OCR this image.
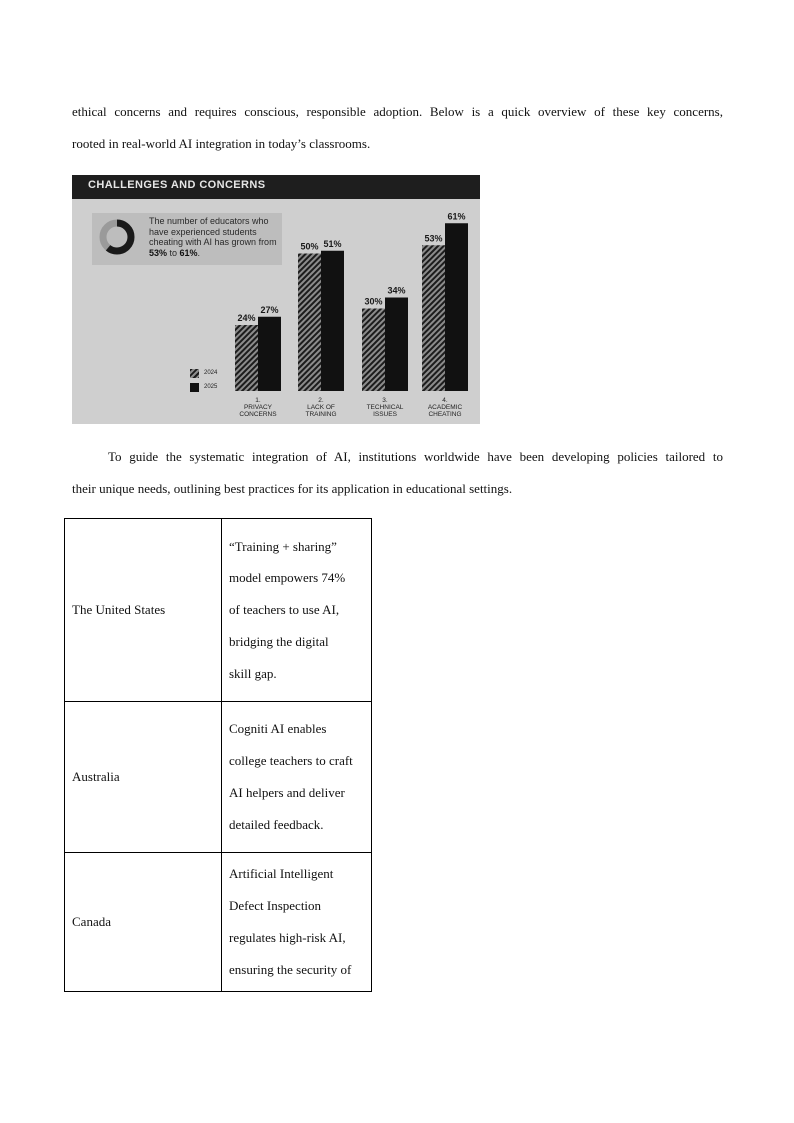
ethical concerns and requires conscious, responsible adoption. Below is a quick overview of these key concerns,
rooted in real-world AI integration in today’s classrooms.
CHALLENGES AND CONCERNS
The number of educators who have experienced students cheating with AI has grown from 53% to 61%.
2024
2025
24%
50%
30%
53%
27%
51%
34%
61%
1.
PRIVACY
CONCERNS
2.
LACK OF
TRAINING
3.
TECHNICAL
ISSUES
4.
ACADEMIC
CHEATING
To guide the systematic integration of AI, institutions worldwide have been developing policies tailored to
their unique needs, outlining best practices for its application in educational settings.
The United States	“Training + sharing”
model empowers 74%
of teachers to use AI,
bridging the digital
skill gap.

Australia	Cogniti AI enables
college teachers to craft
AI helpers and deliver
detailed feedback.

Canada	Artificial Intelligent
Defect Inspection
regulates high-risk AI,
ensuring the security of
